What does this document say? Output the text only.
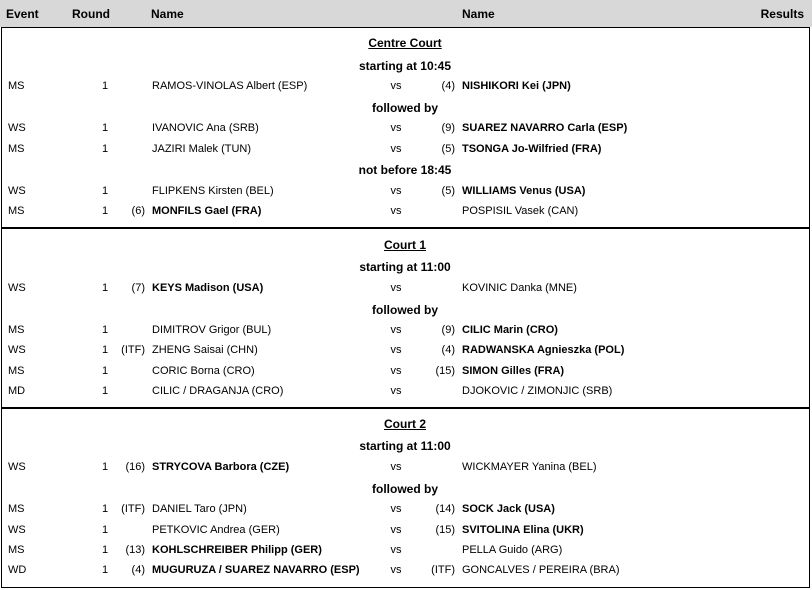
Event	Round	Name	Name	Results
Centre Court
starting at 10:45
MS	1	RAMOS-VINOLAS Albert (ESP)	vs	(4) NISHIKORI Kei (JPN)
followed by
WS	1	IVANOVIC Ana (SRB)	vs	(9) SUAREZ NAVARRO Carla (ESP)
MS	1	JAZIRI Malek (TUN)	vs	(5) TSONGA Jo-Wilfried (FRA)
not before 18:45
WS	1	FLIPKENS Kirsten (BEL)	vs	(5) WILLIAMS Venus (USA)
MS	1	(6) MONFILS Gael (FRA)	vs	POSPISIL Vasek (CAN)
Court 1
starting at 11:00
WS	1	(7) KEYS Madison (USA)	vs	KOVINIC Danka (MNE)
followed by
MS	1	DIMITROV Grigor (BUL)	vs	(9) CILIC Marin (CRO)
WS	1	(ITF) ZHENG Saisai (CHN)	vs	(4) RADWANSKA Agnieszka (POL)
MS	1	CORIC Borna (CRO)	vs	(15) SIMON Gilles (FRA)
MD	1	CILIC / DRAGANJA (CRO)	vs	DJOKOVIC / ZIMONJIC (SRB)
Court 2
starting at 11:00
WS	1	(16) STRYCOVA Barbora (CZE)	vs	WICKMAYER Yanina (BEL)
followed by
MS	1	(ITF) DANIEL Taro (JPN)	vs	(14) SOCK Jack (USA)
WS	1	PETKOVIC Andrea (GER)	vs	(15) SVITOLINA Elina (UKR)
MS	1	(13) KOHLSCHREIBER Philipp (GER)	vs	PELLA Guido (ARG)
WD	1	(4) MUGURUZA / SUAREZ NAVARRO (ESP)	vs	(ITF) GONCALVES / PEREIRA (BRA)
